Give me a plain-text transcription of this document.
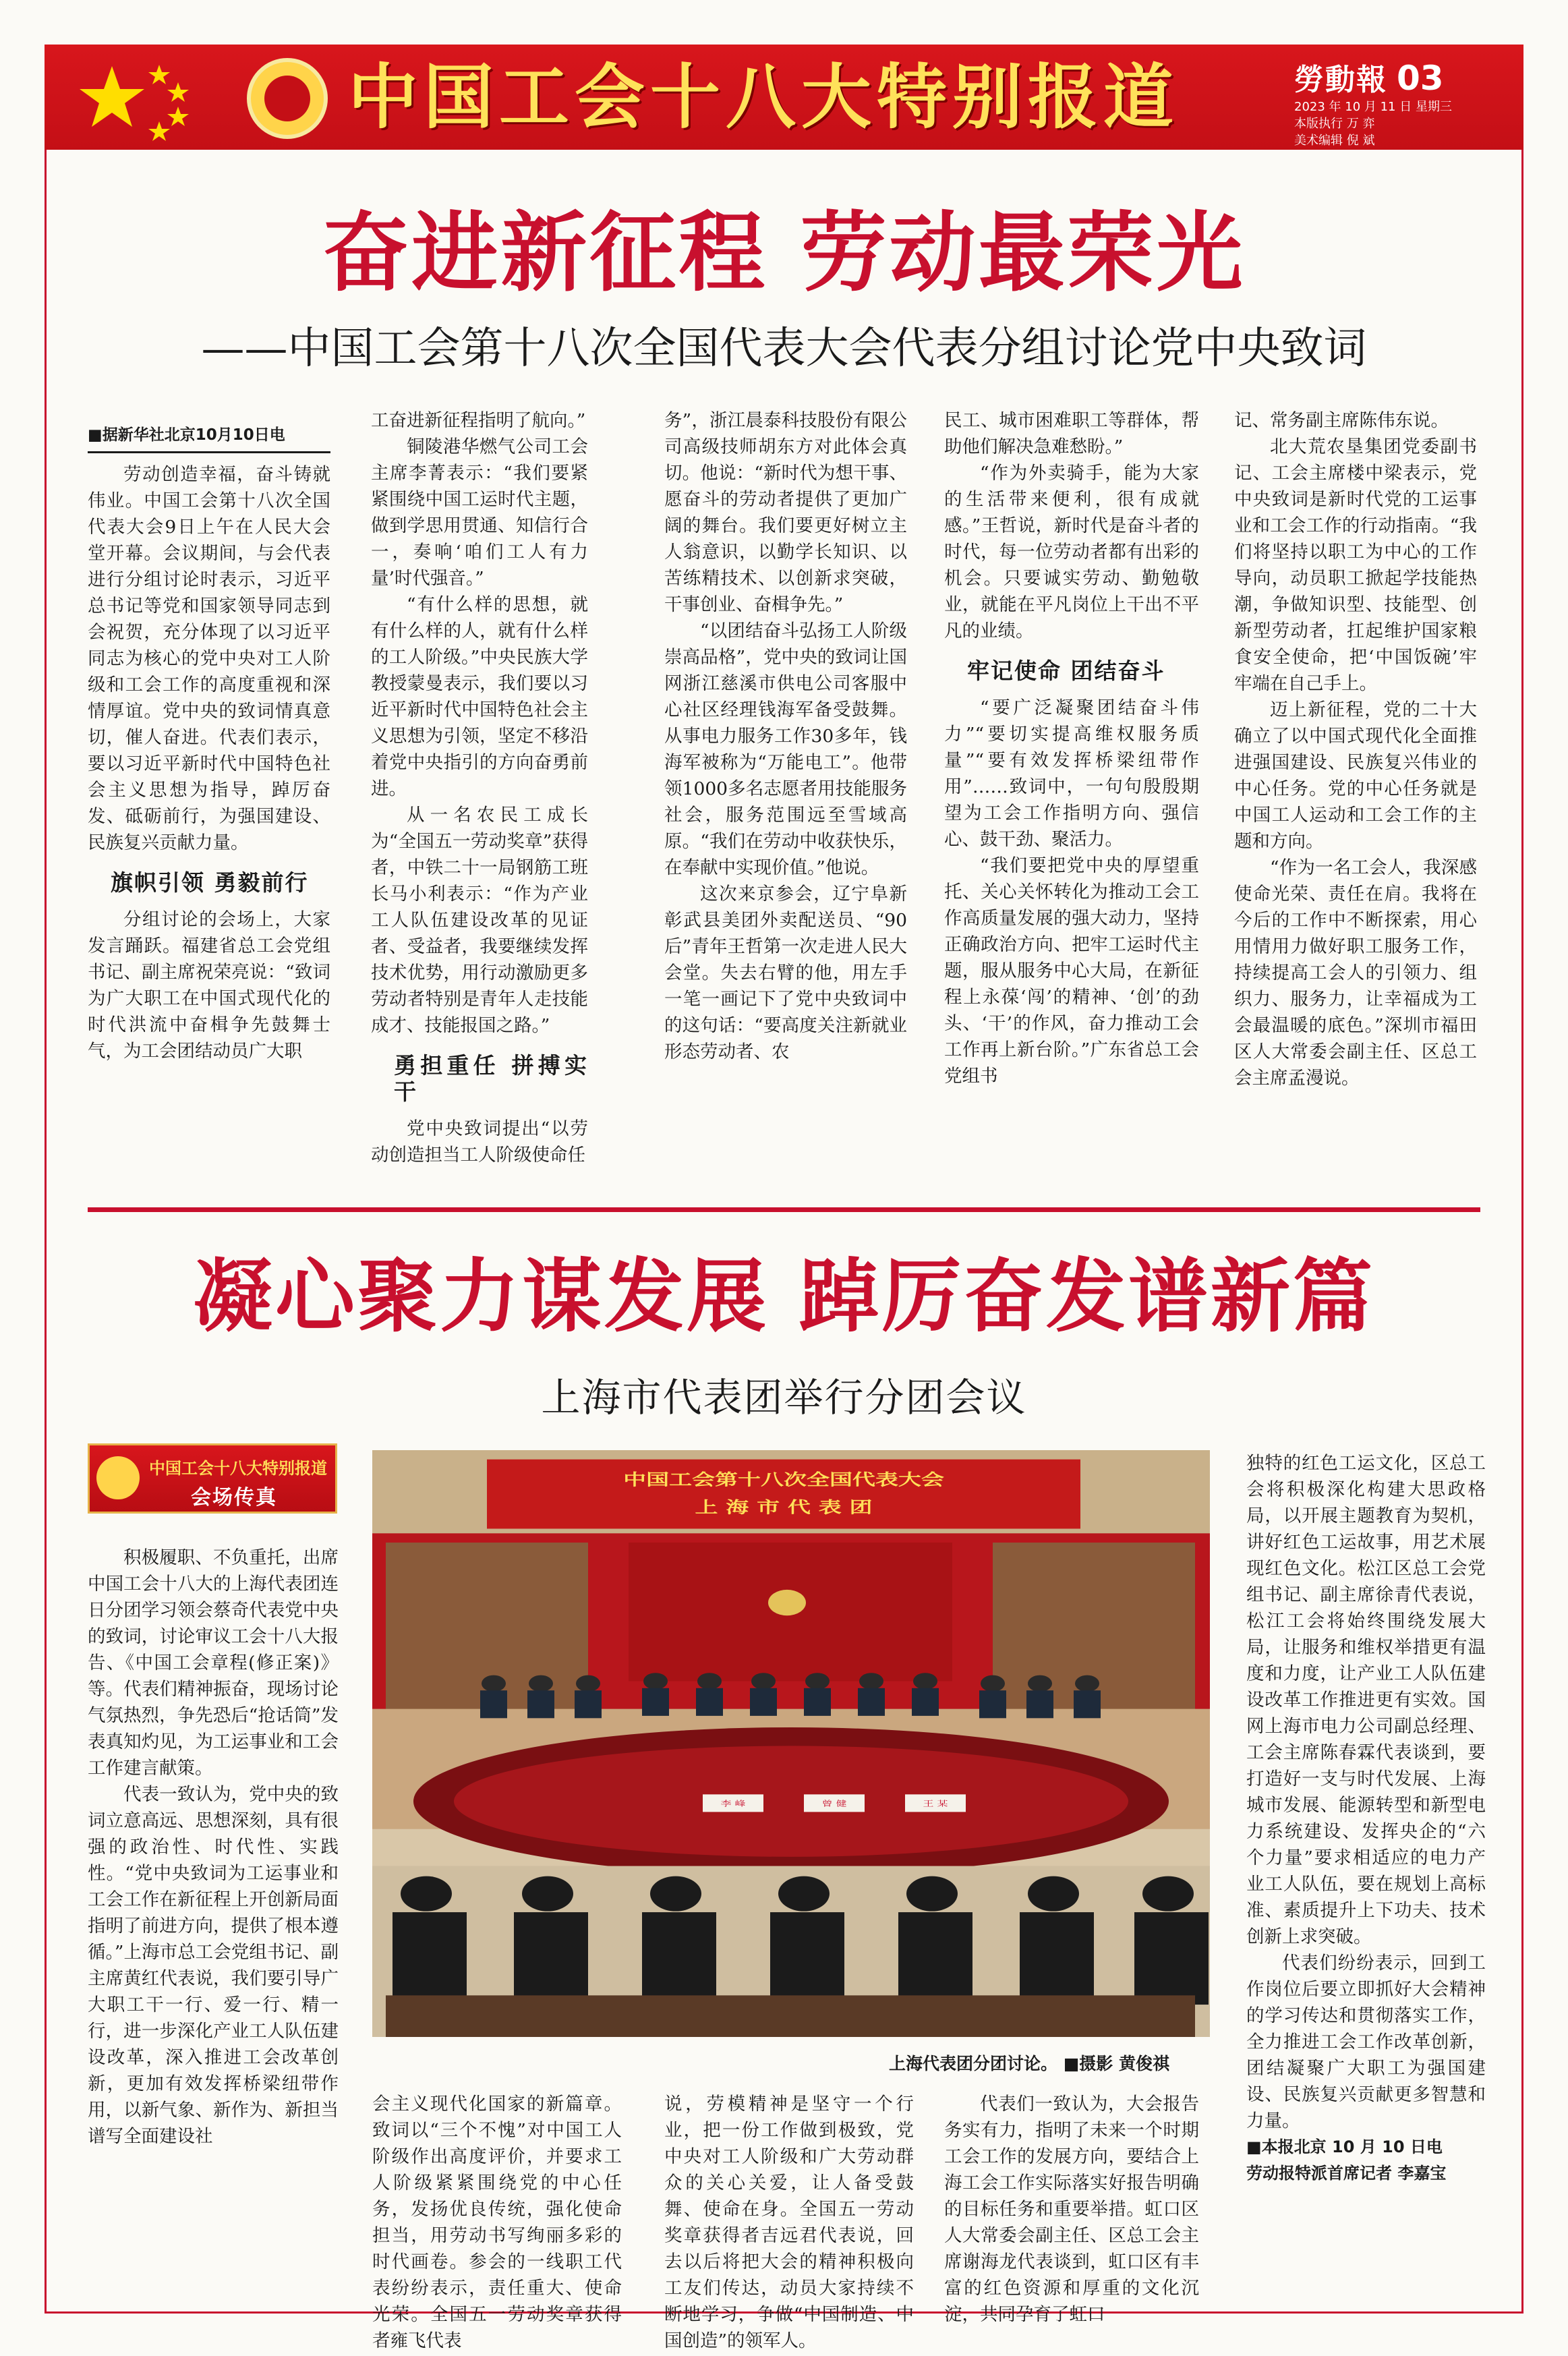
中国工会十八大特别报道	勞動報 03
2023 年 10 月 11 日 星期三
本版执行 万 弈
美术编辑 倪 斌
奋进新征程 劳动最荣光
——中国工会第十八次全国代表大会代表分组讨论党中央致词
■据新华社北京10月10日电

劳动创造幸福，奋斗铸就伟业。中国工会第十八次全国代表大会9日上午在人民大会堂开幕。会议期间，与会代表进行分组讨论时表示，习近平总书记等党和国家领导同志到会祝贺，充分体现了以习近平同志为核心的党中央对工人阶级和工会工作的高度重视和深情厚谊。党中央的致词情真意切，催人奋进。代表们表示，要以习近平新时代中国特色社会主义思想为指导，踔厉奋发、砥砺前行，为强国建设、民族复兴贡献力量。

旗帜引领 勇毅前行

分组讨论的会场上，大家发言踊跃。福建省总工会党组书记、副主席祝荣亮说：“致词为广大职工在中国式现代化的时代洪流中奋楫争先鼓舞士气，为工会团结动员广大职

工奋进新征程指明了航向。”

铜陵港华燃气公司工会主席李菁表示：“我们要紧紧围绕中国工运时代主题，做到学思用贯通、知信行合一，奏响‘咱们工人有力量’时代强音。”

“有什么样的思想，就有什么样的人，就有什么样的工人阶级。”中央民族大学教授蒙曼表示，我们要以习近平新时代中国特色社会主义思想为引领，坚定不移沿着党中央指引的方向奋勇前进。

从一名农民工成长为“全国五一劳动奖章”获得者，中铁二十一局钢筋工班长马小利表示：“作为产业工人队伍建设改革的见证者、受益者，我要继续发挥技术优势，用行动激励更多劳动者特别是青年人走技能成才、技能报国之路。”

勇担重任 拼搏实干

党中央致词提出“以劳动创造担当工人阶级使命任

务”，浙江晨泰科技股份有限公司高级技师胡东方对此体会真切。他说：“新时代为想干事、愿奋斗的劳动者提供了更加广阔的舞台。我们要更好树立主人翁意识，以勤学长知识、以苦练精技术、以创新求突破，干事创业、奋楫争先。”

“以团结奋斗弘扬工人阶级崇高品格”，党中央的致词让国网浙江慈溪市供电公司客服中心社区经理钱海军备受鼓舞。从事电力服务工作30多年，钱海军被称为“万能电工”。他带领1000多名志愿者用技能服务社会，服务范围远至雪域高原。“我们在劳动中收获快乐，在奉献中实现价值。”他说。

这次来京参会，辽宁阜新彰武县美团外卖配送员、“90后”青年王哲第一次走进人民大会堂。失去右臂的他，用左手一笔一画记下了党中央致词中的这句话：“要高度关注新就业形态劳动者、农

民工、城市困难职工等群体，帮助他们解决急难愁盼。”

“作为外卖骑手，能为大家的生活带来便利，很有成就感。”王哲说，新时代是奋斗者的时代，每一位劳动者都有出彩的机会。只要诚实劳动、勤勉敬业，就能在平凡岗位上干出不平凡的业绩。

牢记使命 团结奋斗

“要广泛凝聚团结奋斗伟力”“要切实提高维权服务质量”“要有效发挥桥梁纽带作用”……致词中，一句句殷殷期望为工会工作指明方向、强信心、鼓干劲、聚活力。

“我们要把党中央的厚望重托、关心关怀转化为推动工会工作高质量发展的强大动力，坚持正确政治方向、把牢工运时代主题，服从服务中心大局，在新征程上永葆‘闯’的精神、‘创’的劲头、‘干’的作风，奋力推动工会工作再上新台阶。”广东省总工会党组书

记、常务副主席陈伟东说。

北大荒农垦集团党委副书记、工会主席楼中梁表示，党中央致词是新时代党的工运事业和工会工作的行动指南。“我们将坚持以职工为中心的工作导向，动员职工掀起学技能热潮，争做知识型、技能型、创新型劳动者，扛起维护国家粮食安全使命，把‘中国饭碗’牢牢端在自己手上。

迈上新征程，党的二十大确立了以中国式现代化全面推进强国建设、民族复兴伟业的中心任务。党的中心任务就是中国工人运动和工会工作的主题和方向。

“作为一名工会人，我深感使命光荣、责任在肩。我将在今后的工作中不断探索，用心用情用力做好职工服务工作，持续提高工会人的引领力、组织力、服务力，让幸福成为工会最温暖的底色。”深圳市福田区人大常委会副主任、区总工会主席孟漫说。

凝心聚力谋发展 踔厉奋发谱新篇
上海市代表团举行分团会议
中国工会十八大特别报道
会场传真

积极履职、不负重托，出席中国工会十八大的上海代表团连日分团学习领会蔡奇代表党中央的致词，讨论审议工会十八大报告、《中国工会章程(修正案)》等。代表们精神振奋，现场讨论气氛热烈，争先恐后“抢话筒”发表真知灼见，为工运事业和工会工作建言献策。

代表一致认为，党中央的致词立意高远、思想深刻，具有很强的政治性、时代性、实践性。“党中央致词为工运事业和工会工作在新征程上开创新局面指明了前进方向，提供了根本遵循。”上海市总工会党组书记、副主席黄红代表说，我们要引导广大职工干一行、爱一行、精一行，进一步深化产业工人队伍建设改革，深入推进工会改革创新，更加有效发挥桥梁纽带作用，以新气象、新作为、新担当谱写全面建设社

中国工会第十八次全国代表大会
上 海 市 代 表 团
李 峰	曾 健	王 某
上海代表团分团讨论。 ■摄影 黄俊祺

独特的红色工运文化，区总工会将积极深化构建大思政格局，以开展主题教育为契机，讲好红色工运故事，用艺术展现红色文化。松江区总工会党组书记、副主席徐青代表说，松江工会将始终围绕发展大局，让服务和维权举措更有温度和力度，让产业工人队伍建设改革工作推进更有实效。国网上海市电力公司副总经理、工会主席陈春霖代表谈到，要打造好一支与时代发展、上海城市发展、能源转型和新型电力系统建设、发挥央企的“六个力量”要求相适应的电力产业工人队伍，要在规划上高标准、素质提升上下功夫、技术创新上求突破。

代表们纷纷表示，回到工作岗位后要立即抓好大会精神的学习传达和贯彻落实工作，全力推进工会工作改革创新，团结凝聚广大职工为强国建设、民族复兴贡献更多智慧和力量。

■本报北京 10 月 10 日电
劳动报特派首席记者 李嘉宝

会主义现代化国家的新篇章。致词以“三个不愧”对中国工人阶级作出高度评价，并要求工人阶级紧紧围绕党的中心任务，发扬优良传统，强化使命担当，用劳动书写绚丽多彩的时代画卷。参会的一线职工代表纷纷表示，责任重大、使命光荣。全国五一劳动奖章获得者雍飞代表

说，劳模精神是坚守一个行业，把一份工作做到极致，党中央对工人阶级和广大劳动群众的关心关爱，让人备受鼓舞、使命在身。全国五一劳动奖章获得者吉远君代表说，回去以后将把大会的精神积极向工友们传达，动员大家持续不断地学习，争做“中国制造、中国创造”的领军人。

代表们一致认为，大会报告务实有力，指明了未来一个时期工会工作的发展方向，要结合上海工会工作实际落实好报告明确的目标任务和重要举措。虹口区人大常委会副主任、区总工会主席谢海龙代表谈到，虹口区有丰富的红色资源和厚重的文化沉淀，共同孕育了虹口
